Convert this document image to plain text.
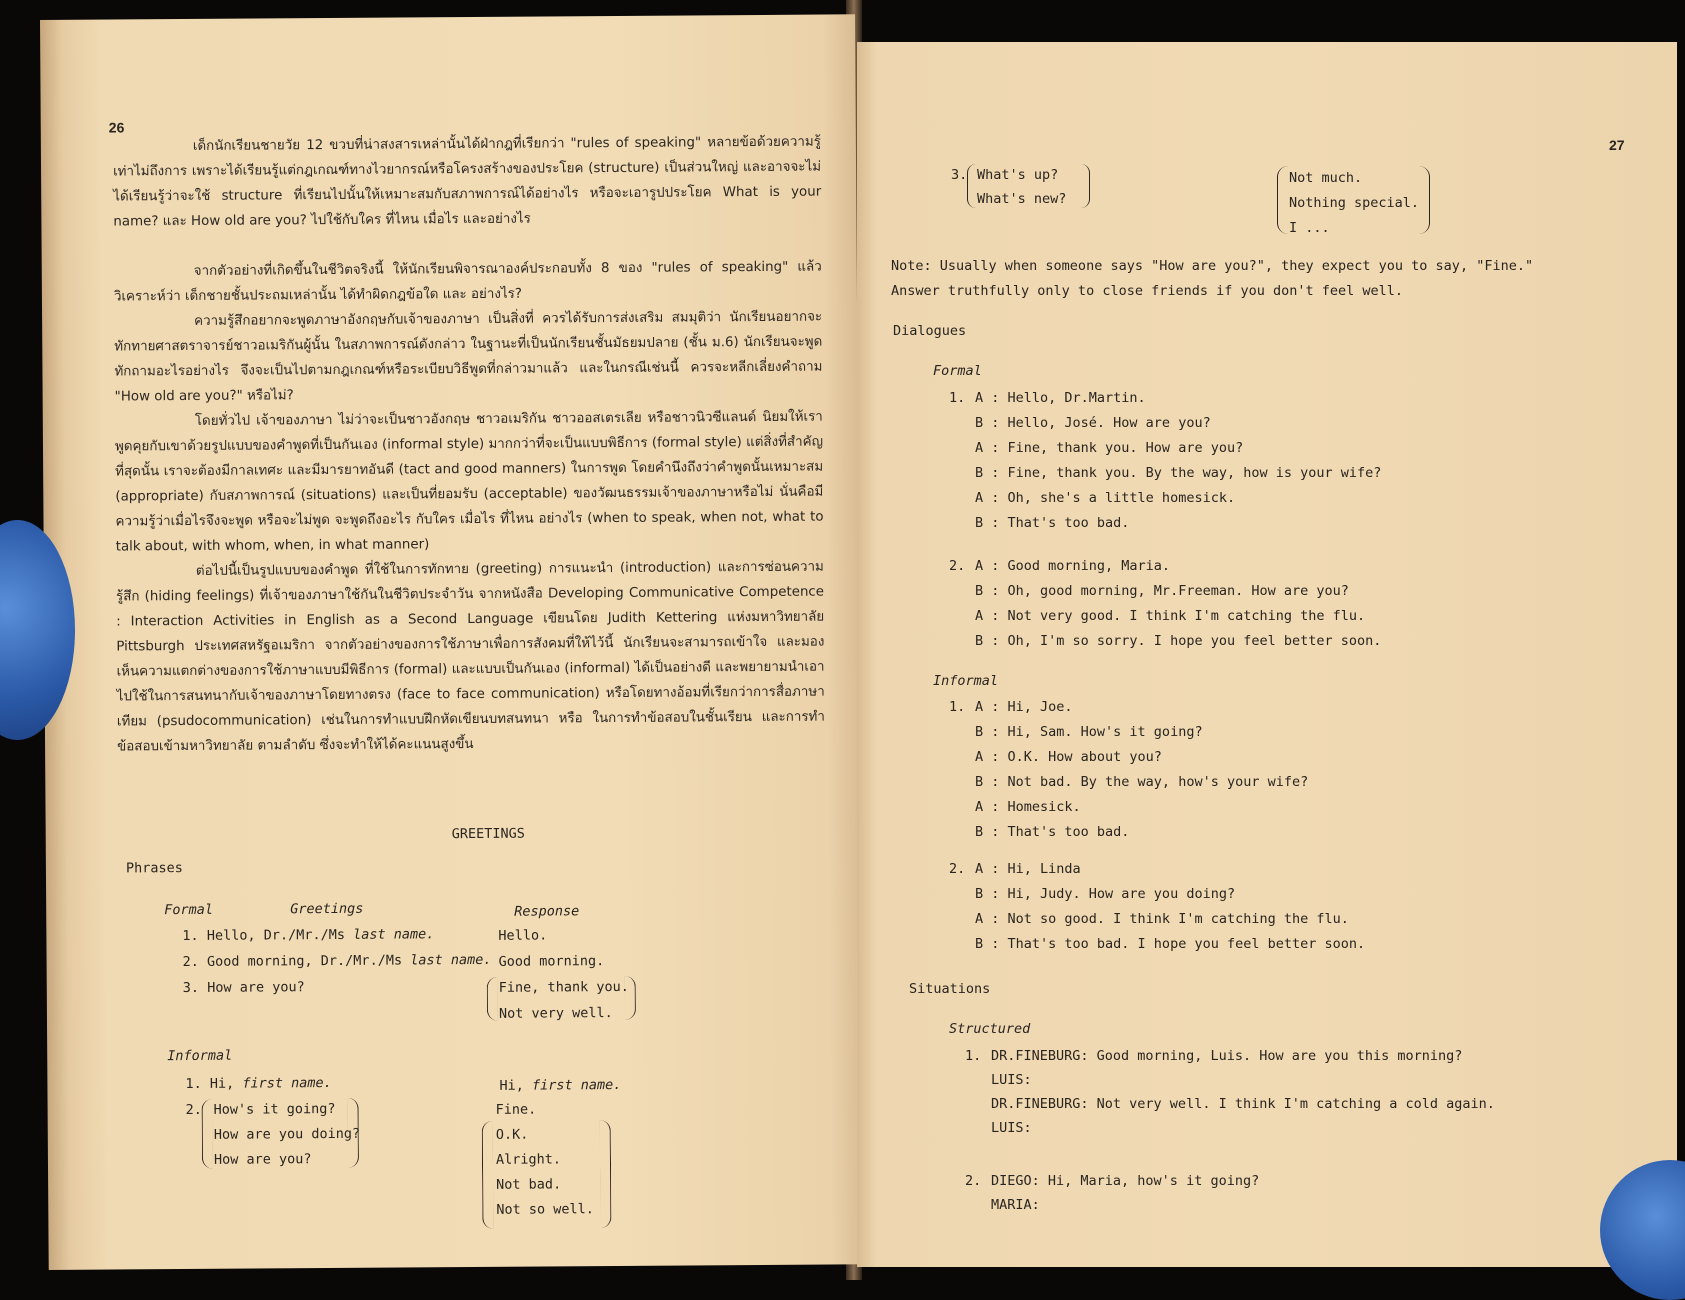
26

เด็กนักเรียนชายวัย 12 ขวบที่น่าสงสารเหล่านั้นได้ฝ่ากฎที่เรียกว่า "rules of speaking" หลายข้อด้วยความรู้เท่าไม่ถึงการ เพราะได้เรียนรู้แต่กฎเกณฑ์ทางไวยากรณ์หรือโครงสร้างของประโยค (structure) เป็นส่วนใหญ่ และอาจจะไม่ได้เรียนรู้ว่าจะใช้ structure ที่เรียนไปนั้นให้เหมาะสมกับสภาพการณ์ได้อย่างไร หรือจะเอารูปประโยค What is your name? และ How old are you? ไปใช้กับใคร ที่ไหน เมื่อไร และอย่างไร

จากตัวอย่างที่เกิดขึ้นในชีวิตจริงนี้ ให้นักเรียนพิจารณาองค์ประกอบทั้ง 8 ของ "rules of speaking" แล้ววิเคราะห์ว่า เด็กชายชั้นประถมเหล่านั้น ได้ทำผิดกฎข้อใด และ อย่างไร?

ความรู้สึกอยากจะพูดภาษาอังกฤษกับเจ้าของภาษา เป็นสิ่งที่ ควรได้รับการส่งเสริม สมมุติว่า นักเรียนอยากจะทักทายศาสตราจารย์ชาวอเมริกันผู้นั้น ในสภาพการณ์ดังกล่าว ในฐานะที่เป็นนักเรียนชั้นมัธยมปลาย (ชั้น ม.6) นักเรียนจะพูดทักถามอะไรอย่างไร จึงจะเป็นไปตามกฎเกณฑ์หรือระเบียบวิธีพูดที่กล่าวมาแล้ว และในกรณีเช่นนี้ ควรจะหลีกเลี่ยงคำถาม "How old are you?" หรือไม่?

โดยทั่วไป เจ้าของภาษา ไม่ว่าจะเป็นชาวอังกฤษ ชาวอเมริกัน ชาวออสเตรเลีย หรือชาวนิวซีแลนด์ นิยมให้เราพูดคุยกับเขาด้วยรูปแบบของคำพูดที่เป็นกันเอง (informal style) มากกว่าที่จะเป็นแบบพิธีการ (formal style) แต่สิ่งที่สำคัญที่สุดนั้น เราจะต้องมีกาลเทศะ และมีมารยาทอันดี (tact and good manners) ในการพูด โดยคำนึงถึงว่าคำพูดนั้นเหมาะสม (appropriate) กับสภาพการณ์ (situations) และเป็นที่ยอมรับ (acceptable) ของวัฒนธรรมเจ้าของภาษาหรือไม่ นั่นคือมีความรู้ว่าเมื่อไรจึงจะพูด หรือจะไม่พูด จะพูดถึงอะไร กับใคร เมื่อไร ที่ไหน อย่างไร (when to speak, when not, what to talk about, with whom, when, in what manner)

ต่อไปนี้เป็นรูปแบบของคำพูด ที่ใช้ในการทักทาย (greeting) การแนะนำ (introduction) และการซ่อนความรู้สึก (hiding feelings) ที่เจ้าของภาษาใช้กันในชีวิตประจำวัน จากหนังสือ Developing Communicative Competence : Interaction Activities in English as a Second Language เขียนโดย Judith Kettering แห่งมหาวิทยาลัย Pittsburgh ประเทศสหรัฐอเมริกา จากตัวอย่างของการใช้ภาษาเพื่อการสังคมที่ให้ไว้นี้ นักเรียนจะสามารถเข้าใจ และมองเห็นความแตกต่างของการใช้ภาษาแบบมีพิธีการ (formal) และแบบเป็นกันเอง (informal) ได้เป็นอย่างดี และพยายามนำเอาไปใช้ในการสนทนากับเจ้าของภาษาโดยทางตรง (face to face communication) หรือโดยทางอ้อมที่เรียกว่าการสื่อภาษาเทียม (psudocommunication) เช่นในการทำแบบฝึกหัดเขียนบทสนทนา หรือ ในการทำข้อสอบในชั้นเรียน และการทำข้อสอบเข้ามหาวิทยาลัย ตามลำดับ ซึ่งจะทำให้ได้คะแนนสูงขึ้น

GREETINGS
Phrases
Formal	Greetings	Response
1. Hello, Dr./Mr./Ms last name.
2. Good morning, Dr./Mr./Ms last name.
3. How are you?
Hello.
Good morning.
Fine, thank you.
Not very well.
Informal
1. Hi, first name.
2. How's it going?
How are you doing?
How are you?
Hi, first name.
Fine.
O.K.
Alright.
Not bad.
Not so well.
27
3. What's up?
What's new?
Not much.
Nothing special.
I ...
Note: Usually when someone says "How are you?", they expect you to say, "Fine."
Answer truthfully only to close friends if you don't feel well.
Dialogues
Formal
1. A : Hello, Dr.Martin.
B : Hello, José. How are you?
A : Fine, thank you. How are you?
B : Fine, thank you. By the way, how is your wife?
A : Oh, she's a little homesick.
B : That's too bad.
2. A : Good morning, Maria.
B : Oh, good morning, Mr.Freeman. How are you?
A : Not very good. I think I'm catching the flu.
B : Oh, I'm so sorry. I hope you feel better soon.
Informal
1. A : Hi, Joe.
B : Hi, Sam. How's it going?
A : O.K. How about you?
B : Not bad. By the way, how's your wife?
A : Homesick.
B : That's too bad.
2. A : Hi, Linda
B : Hi, Judy. How are you doing?
A : Not so good. I think I'm catching the flu.
B : That's too bad. I hope you feel better soon.
Situations
Structured
1. DR.FINEBURG: Good morning, Luis. How are you this morning?
LUIS:
DR.FINEBURG: Not very well. I think I'm catching a cold again.
LUIS:
2. DIEGO: Hi, Maria, how's it going?
MARIA:
